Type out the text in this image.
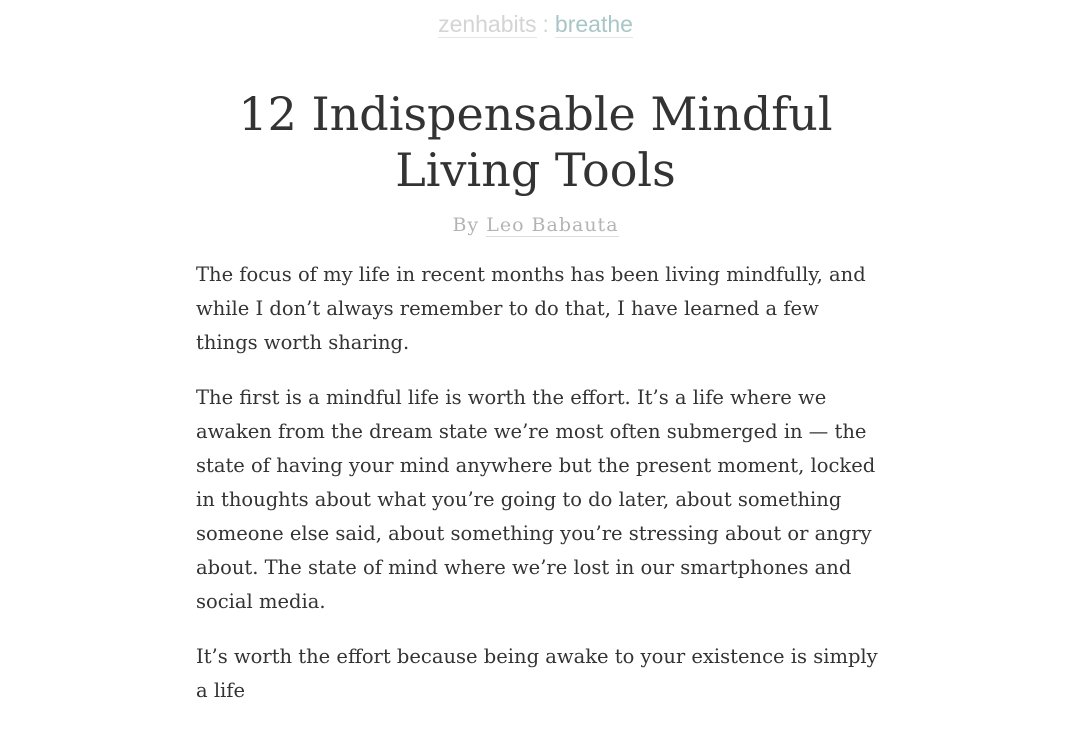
zenhabits : breathe
12 Indispensable Mindful
Living Tools
By Leo Babauta

The focus of my life in recent months has been living mindfully, and while I don’t always remember to do that, I have learned a few things worth sharing.

The first is a mindful life is worth the effort. It’s a life where we awaken from the dream state we’re most often submerged in — the state of having your mind anywhere but the present moment, locked in thoughts about what you’re going to do later, about something someone else said, about something you’re stressing about or angry about. The state of mind where we’re lost in our smartphones and social media.

It’s worth the effort because being awake to your existence is simply a life
